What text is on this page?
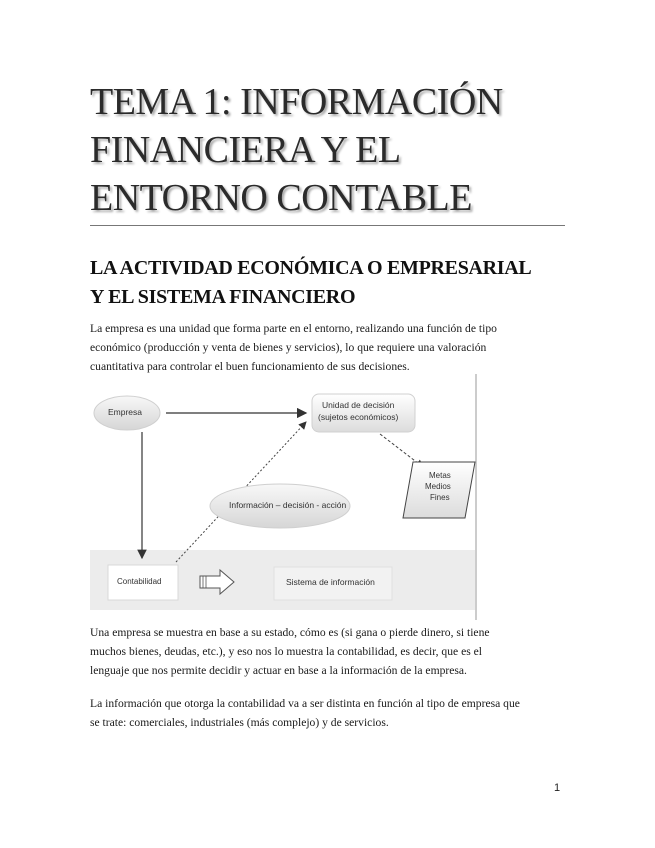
TEMA 1: INFORMACIÓN
FINANCIERA Y EL
ENTORNO CONTABLE
LA ACTIVIDAD ECONÓMICA O EMPRESARIAL
Y EL SISTEMA FINANCIERO
La empresa es una unidad que forma parte en el entorno, realizando una función de tipo
económico (producción y venta de bienes y servicios), lo que requiere una valoración
cuantitativa para controlar el buen funcionamiento de sus decisiones.
Empresa
Unidad de decisión
(sujetos económicos)
Metas
Medios
Fines
Información – decisión - acción
Contabilidad	Sistema de información
Una empresa se muestra en base a su estado, cómo es (si gana o pierde dinero, si tiene
muchos bienes, deudas, etc.), y eso nos lo muestra la contabilidad, es decir, que es el
lenguaje que nos permite decidir y actuar en base a la información de la empresa.
La información que otorga la contabilidad va a ser distinta en función al tipo de empresa que
se trate: comerciales, industriales (más complejo) y de servicios.
1
